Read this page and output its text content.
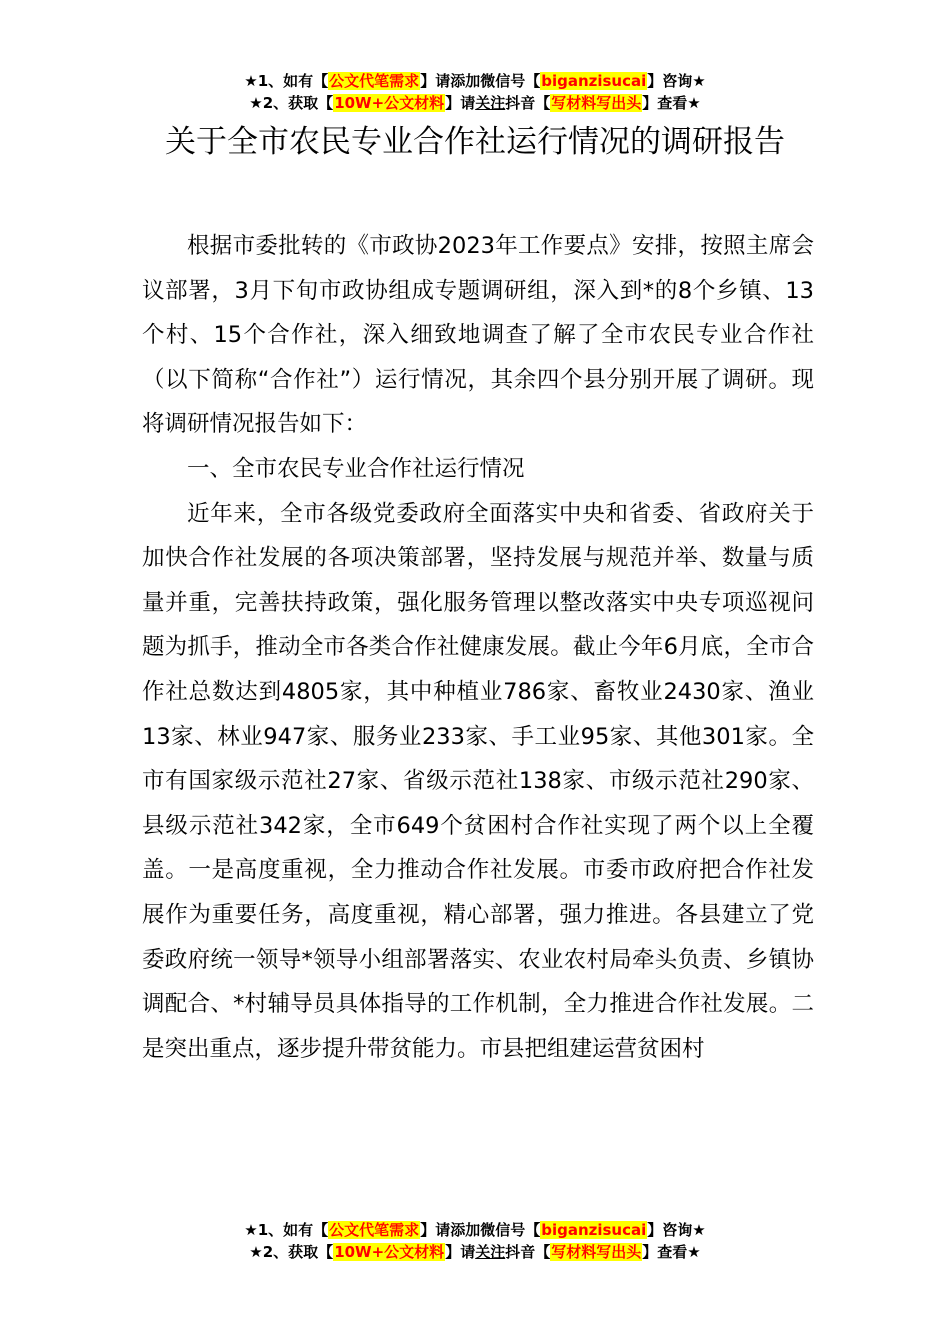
★1、如有【公文代笔需求】请添加微信号【biganzisucai】咨询★
★2、获取【10W+公文材料】请关注抖音【写材料写出头】查看★
关于全市农民专业合作社运行情况的调研报告

根据市委批转的《市政协2023年工作要点》安排，按照主席会议部署，3月下旬市政协组成专题调研组，深入到*的8个乡镇、13个村、15个合作社，深入细致地调查了解了全市农民专业合作社（以下简称“合作社”）运行情况，其余四个县分别开展了调研。现将调研情况报告如下：

一、全市农民专业合作社运行情况

近年来，全市各级党委政府全面落实中央和省委、省政府关于加快合作社发展的各项决策部署，坚持发展与规范并举、数量与质量并重，完善扶持政策，强化服务管理以整改落实中央专项巡视问题为抓手，推动全市各类合作社健康发展。截止今年6月底，全市合作社总数达到4805家，其中种植业786家、畜牧业2430家、渔业13家、林业947家、服务业233家、手工业95家、其他301家。全市有国家级示范社27家、省级示范社138家、市级示范社290家、县级示范社342家，全市649个贫困村合作社实现了两个以上全覆盖。一是高度重视，全力推动合作社发展。市委市政府把合作社发展作为重要任务，高度重视，精心部署，强力推进。各县建立了党委政府统一领导*领导小组部署落实、农业农村局牵头负责、乡镇协调配合、*村辅导员具体指导的工作机制，全力推进合作社发展。二是突出重点，逐步提升带贫能力。市县把组建运营贫困村

★1、如有【公文代笔需求】请添加微信号【biganzisucai】咨询★
★2、获取【10W+公文材料】请关注抖音【写材料写出头】查看★
